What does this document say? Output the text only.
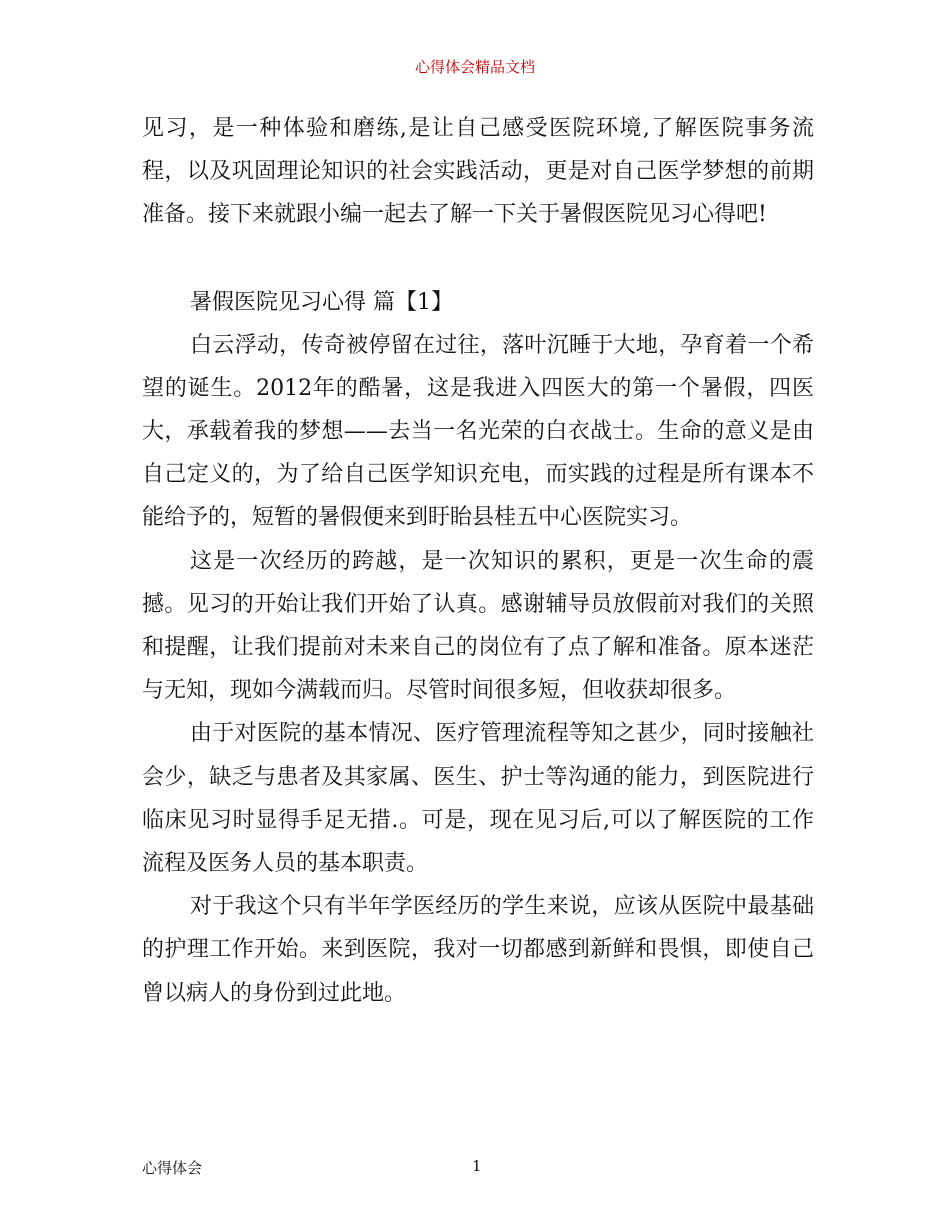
心得体会精品文档

见习，是一种体验和磨练,是让自己感受医院环境,了解医院事务流程，以及巩固理论知识的社会实践活动，更是对自己医学梦想的前期准备。接下来就跟小编一起去了解一下关于暑假医院见习心得吧!

暑假医院见习心得 篇【1】

白云浮动，传奇被停留在过往，落叶沉睡于大地，孕育着一个希望的诞生。2012年的酷暑，这是我进入四医大的第一个暑假，四医大，承载着我的梦想——去当一名光荣的白衣战士。生命的意义是由自己定义的，为了给自己医学知识充电，而实践的过程是所有课本不能给予的，短暂的暑假便来到盱眙县桂五中心医院实习。

这是一次经历的跨越，是一次知识的累积，更是一次生命的震撼。见习的开始让我们开始了认真。感谢辅导员放假前对我们的关照和提醒，让我们提前对未来自己的岗位有了点了解和准备。原本迷茫与无知，现如今满载而归。尽管时间很多短，但收获却很多。

由于对医院的基本情况、医疗管理流程等知之甚少，同时接触社会少，缺乏与患者及其家属、医生、护士等沟通的能力，到医院进行临床见习时显得手足无措.。可是，现在见习后,可以了解医院的工作流程及医务人员的基本职责。

对于我这个只有半年学医经历的学生来说，应该从医院中最基础的护理工作开始。来到医院，我对一切都感到新鲜和畏惧，即使自己曾以病人的身份到过此地。

心得体会	1
